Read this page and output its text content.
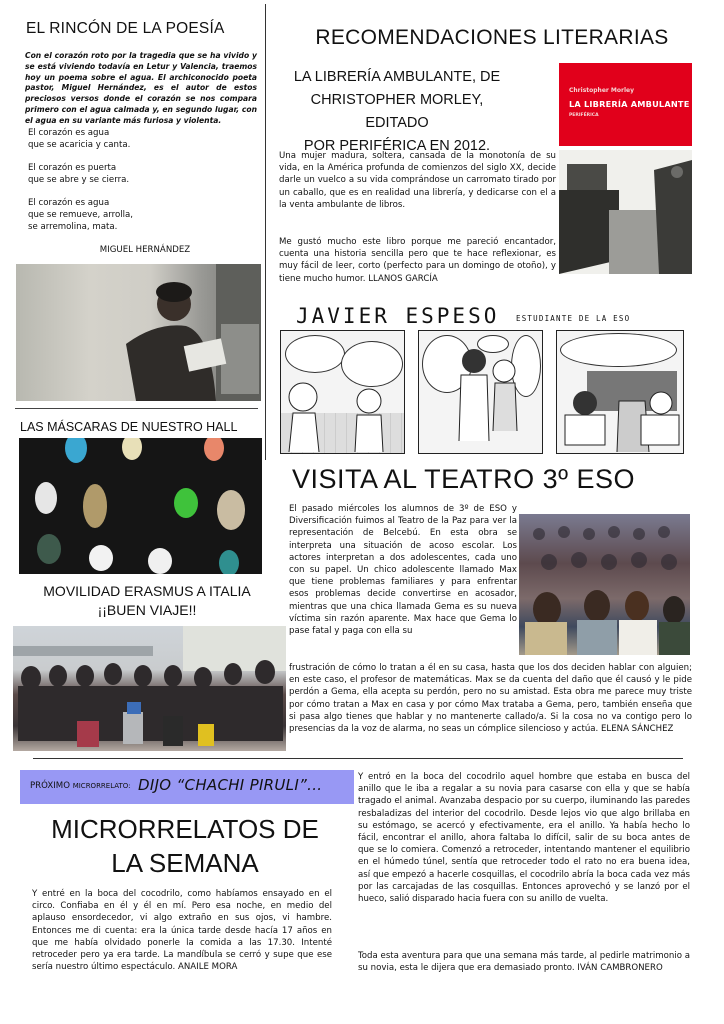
EL RINCÓN DE LA POESÍA
Con el corazón roto por la tragedia que se ha vivido y se está viviendo todavía en Letur y Valencia, traemos hoy un poema sobre el agua. El archiconocido poeta pastor, Miguel Hernández, es el autor de estos preciosos versos donde el corazón se nos compara primero con el agua calmada y, en segundo lugar, con el agua en su variante más furiosa y violenta.
El corazón es agua
que se acaricia y canta.
El corazón es puerta
que se abre y se cierra.
El corazón es agua
que se remueve, arrolla,
se arremolina, mata.
MIGUEL HERNÁNDEZ
LAS MÁSCARAS DE NUESTRO HALL
MOVILIDAD ERASMUS A ITALIA
¡¡BUEN VIAJE!!
RECOMENDACIONES LITERARIAS
LA LIBRERÍA AMBULANTE, DE
CHRISTOPHER MORLEY, EDITADO
POR PERIFÉRICA EN 2012.
Christopher Morley
LA LIBRERÍA AMBULANTE
PERIFÉRICA
Una mujer madura, soltera, cansada de la monotonía de su vida, en la América profunda de comienzos del siglo XX, decide darle un vuelco a su vida comprándose un carromato tirado por un caballo, que es en realidad una librería, y dedicarse con el a la venta ambulante de libros.
Me gustó mucho este libro porque me pareció encantador, cuenta una historia sencilla pero que te hace reflexionar, es muy fácil de leer, corto (perfecto para un domingo de otoño), y tiene mucho humor. LLANOS GARCÍA
JAVIER ESPESO ESTUDIANTE DE LA ESO
VISITA AL TEATRO 3º ESO
El pasado miércoles los alumnos de 3º de ESO y Diversificación fuimos al Teatro de la Paz para ver la representación de Belcebú. En esta obra se interpreta una situación de acoso escolar. Los actores interpretan a dos adolescentes, cada uno con su papel. Un chico adolescente llamado Max que tiene problemas familiares y para enfrentar esos problemas decide convertirse en acosador, mientras que una chica llamada Gema es su nueva víctima sin razón aparente. Max hace que Gema lo pase fatal y paga con ella su
frustración de cómo lo tratan a él en su casa, hasta que los dos deciden hablar con alguien; en este caso, el profesor de matemáticas. Max se da cuenta del daño que él causó y le pide perdón a Gema, ella acepta su perdón, pero no su amistad. Esta obra me parece muy triste por cómo tratan a Max en casa y por cómo Max trataba a Gema, pero, también enseña que si pasa algo tienes que hablar y no mantenerte callado/a. Si la cosa no va contigo pero lo presencias da la voz de alarma, no seas un cómplice silencioso y actúa. ELENA SÁNCHEZ
PRÓXIMO MICRORRELATO: DIJO “CHACHI PIRULI”...
MICRORRELATOS DE
LA SEMANA
Y entré en la boca del cocodrilo, como habíamos ensayado en el circo. Confiaba en él y él en mí. Pero esa noche, en medio del aplauso ensordecedor, vi algo extraño en sus ojos, vi hambre. Entonces me di cuenta: era la única tarde desde hacía 17 años en que me había olvidado ponerle la comida a las 17.30. Intenté retroceder pero ya era tarde. La mandíbula se cerró y supe que ese sería nuestro último espectáculo. ANAILE MORA
Y entró en la boca del cocodrilo aquel hombre que estaba en busca del anillo que le iba a regalar a su novia para casarse con ella y que se había tragado el animal. Avanzaba despacio por su cuerpo, iluminando las paredes resbaladizas del interior del cocodrilo. Desde lejos vio que algo brillaba en su estómago, se acercó y efectivamente, era el anillo. Ya había hecho lo fácil, encontrar el anillo, ahora faltaba lo difícil, salir de su boca antes de que se lo comiera. Comenzó a retroceder, intentando mantener el equilibrio en el húmedo túnel, sentía que retroceder todo el rato no era buena idea, así que empezó a hacerle cosquillas, el cocodrilo abría la boca cada vez más por las carcajadas de las cosquillas. Entonces aprovechó y se lanzó por el hueco, salió disparado hacia fuera con su anillo de vuelta.
Toda esta aventura para que una semana más tarde, al pedirle matrimonio a su novia, esta le dijera que era demasiado pronto. IVÁN CAMBRONERO
